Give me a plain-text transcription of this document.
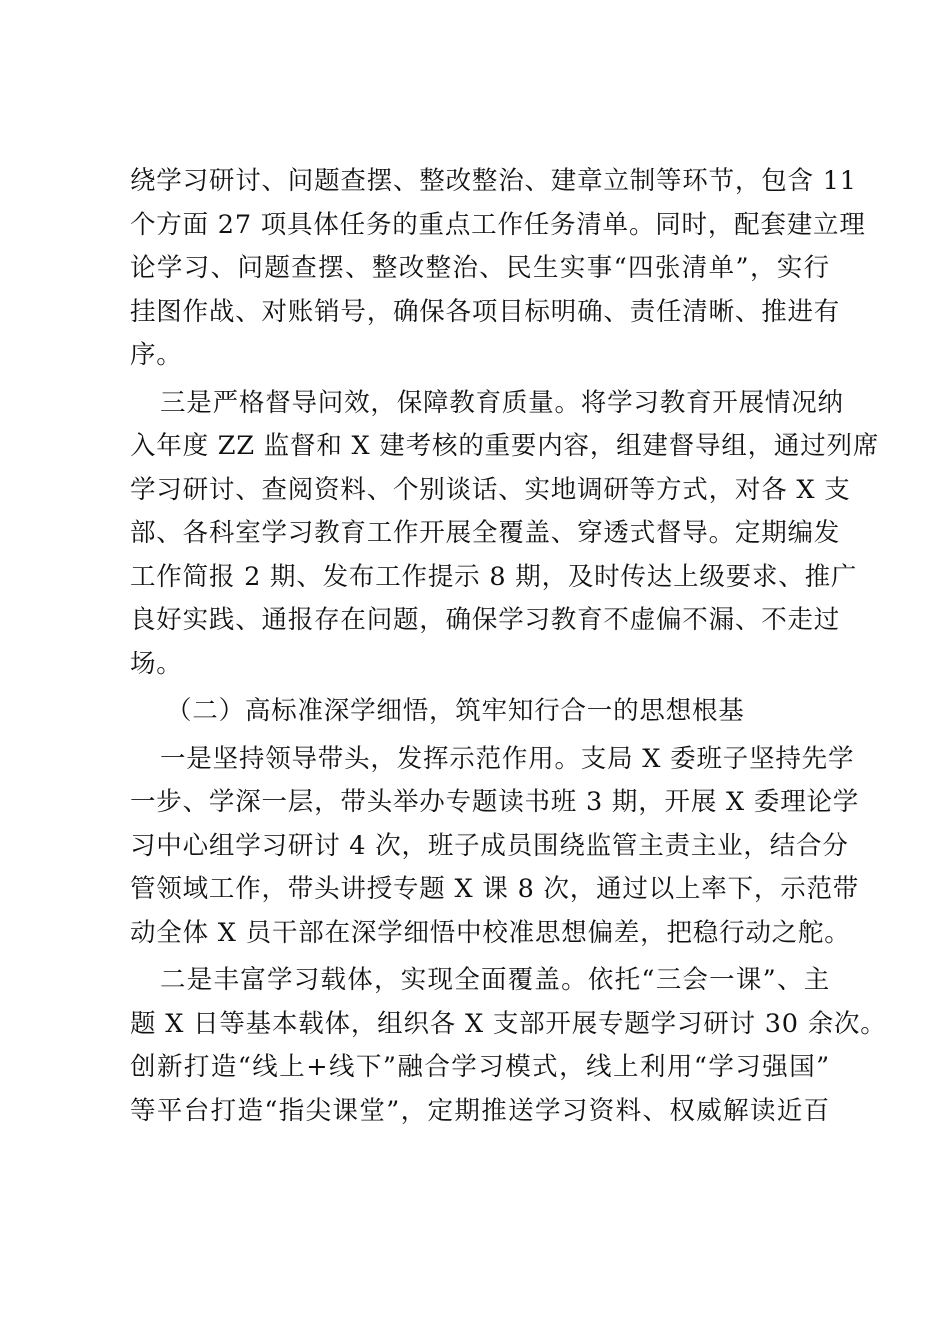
绕学习研讨、问题查摆、整改整治、建章立制等环节，包含 11
个方面 27 项具体任务的重点工作任务清单。同时，配套建立理
论学习、问题查摆、整改整治、民生实事“四张清单”，实行
挂图作战、对账销号，确保各项目标明确、责任清晰、推进有
序。
三是严格督导问效，保障教育质量。将学习教育开展情况纳
入年度 ZZ 监督和 X 建考核的重要内容，组建督导组，通过列席
学习研讨、查阅资料、个别谈话、实地调研等方式，对各 X 支
部、各科室学习教育工作开展全覆盖、穿透式督导。定期编发
工作简报 2 期、发布工作提示 8 期，及时传达上级要求、推广
良好实践、通报存在问题，确保学习教育不虚偏不漏、不走过
场。
（二）高标准深学细悟，筑牢知行合一的思想根基
一是坚持领导带头，发挥示范作用。支局 X 委班子坚持先学
一步、学深一层，带头举办专题读书班 3 期，开展 X 委理论学
习中心组学习研讨 4 次，班子成员围绕监管主责主业，结合分
管领域工作，带头讲授专题 X 课 8 次，通过以上率下，示范带
动全体 X 员干部在深学细悟中校准思想偏差，把稳行动之舵。
二是丰富学习载体，实现全面覆盖。依托“三会一课”、主
题 X 日等基本载体，组织各 X 支部开展专题学习研讨 30 余次。
创新打造“线上+线下”融合学习模式，线上利用“学习强国”
等平台打造“指尖课堂”，定期推送学习资料、权威解读近百
